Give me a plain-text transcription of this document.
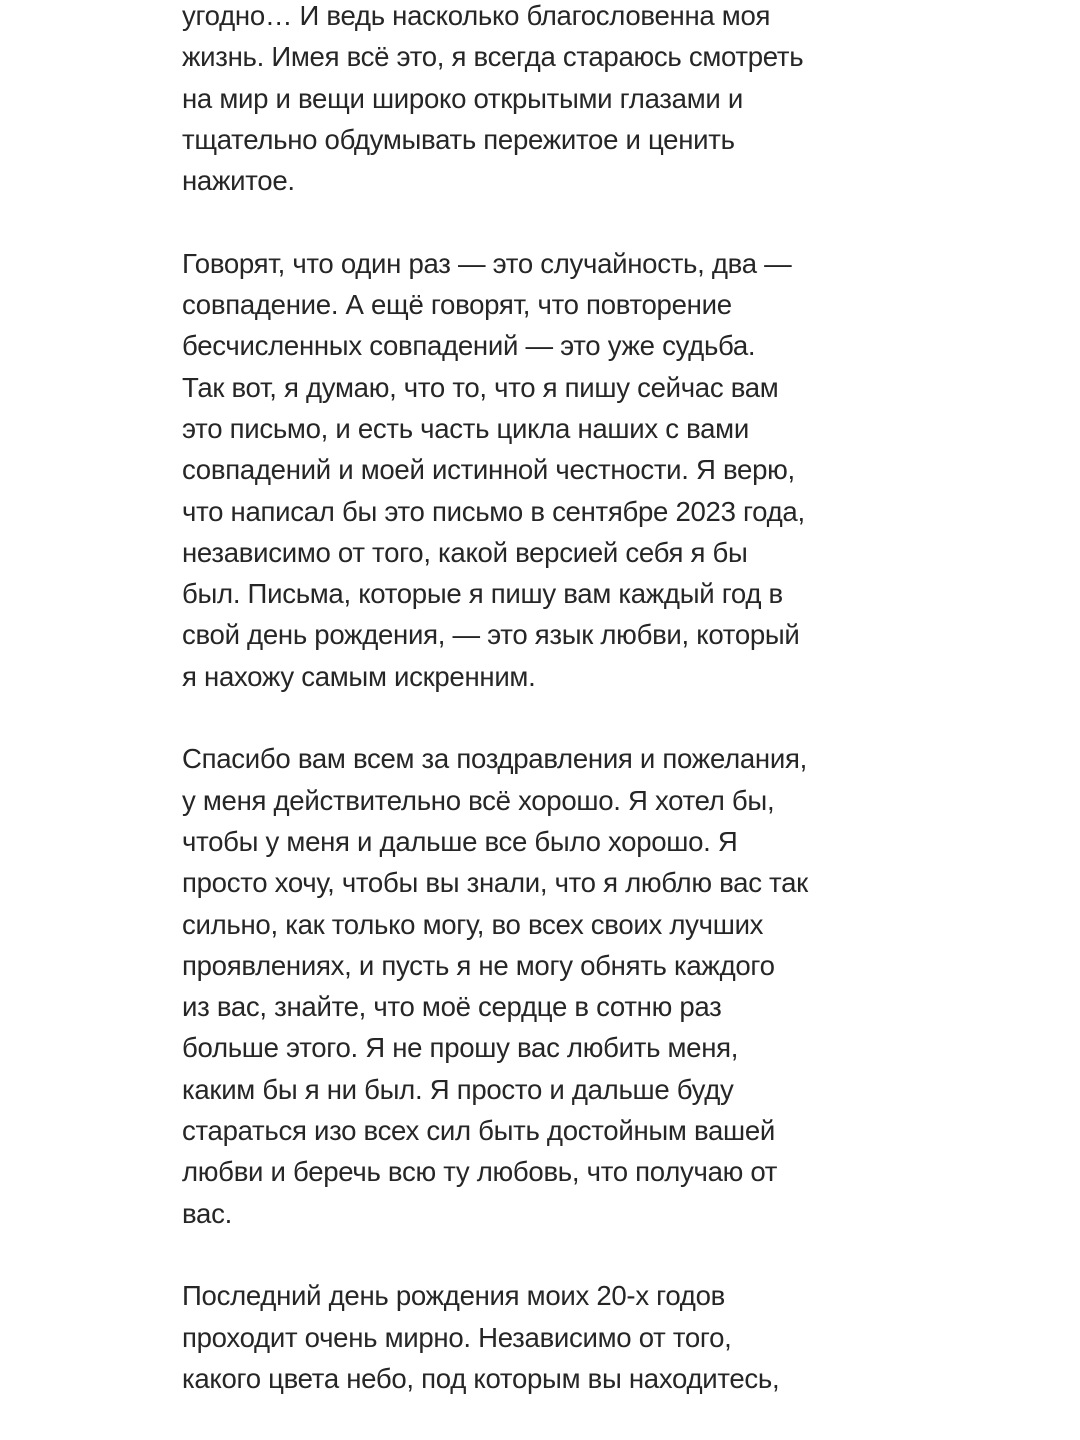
угодно… И ведь насколько благословенна моя
жизнь. Имея всё это, я всегда стараюсь смотреть
на мир и вещи широко открытыми глазами и
тщательно обдумывать пережитое и ценить
нажитое.

Говорят, что один раз — это случайность, два —
совпадение. А ещё говорят, что повторение
бесчисленных совпадений — это уже судьба.
Так вот, я думаю, что то, что я пишу сейчас вам
это письмо, и есть часть цикла наших с вами
совпадений и моей истинной честности. Я верю,
что написал бы это письмо в сентябре 2023 года,
независимо от того, какой версией себя я бы
был. Письма, которые я пишу вам каждый год в
свой день рождения, — это язык любви, который
я нахожу самым искренним.

Спасибо вам всем за поздравления и пожелания,
у меня действительно всё хорошо. Я хотел бы,
чтобы у меня и дальше все было хорошо. Я
просто хочу, чтобы вы знали, что я люблю вас так
сильно, как только могу, во всех своих лучших
проявлениях, и пусть я не могу обнять каждого
из вас, знайте, что моё сердце в сотню раз
больше этого. Я не прошу вас любить меня,
каким бы я ни был. Я просто и дальше буду
стараться изо всех сил быть достойным вашей
любви и беречь всю ту любовь, что получаю от
вас.

Последний день рождения моих 20-х годов
проходит очень мирно. Независимо от того,
какого цвета небо, под которым вы находитесь,
